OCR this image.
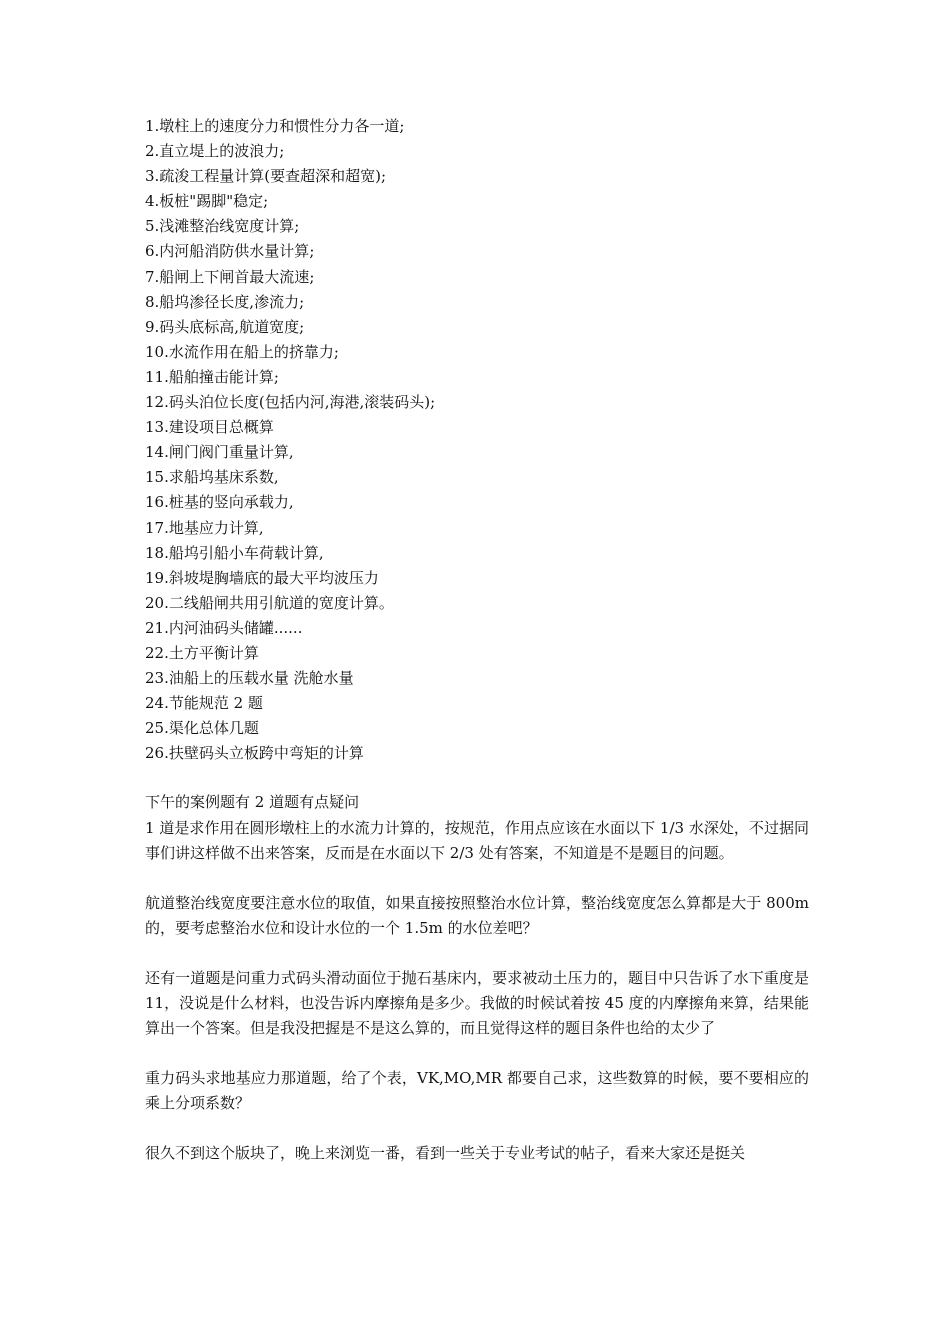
1.墩柱上的速度分力和惯性分力各一道;
2.直立堤上的波浪力;
3.疏浚工程量计算(要查超深和超宽);
4.板桩"踢脚"稳定;
5.浅滩整治线宽度计算;
6.内河船消防供水量计算;
7.船闸上下闸首最大流速;
8.船坞渗径长度,渗流力;
9.码头底标高,航道宽度;
10.水流作用在船上的挤靠力;
11.船舶撞击能计算;
12.码头泊位长度(包括内河,海港,滚装码头);
13.建设项目总概算
14.闸门阀门重量计算,
15.求船坞基床系数,
16.桩基的竖向承载力,
17.地基应力计算,
18.船坞引船小车荷载计算,
19.斜坡堤胸墙底的最大平均波压力
20.二线船闸共用引航道的宽度计算。
21.内河油码头储罐......
22.土方平衡计算
23.油船上的压载水量 洗舱水量
24.节能规范 2 题
25.渠化总体几题
26.扶壁码头立板跨中弯矩的计算
下午的案例题有 2 道题有点疑问

1 道是求作用在圆形墩柱上的水流力计算的，按规范，作用点应该在水面以下 1/3 水深处，不过据同事们讲这样做不出来答案，反而是在水面以下 2/3 处有答案，不知道是不是题目的问题。

航道整治线宽度要注意水位的取值，如果直接按照整治水位计算，整治线宽度怎么算都是大于 800m 的，要考虑整治水位和设计水位的一个 1.5m 的水位差吧？

还有一道题是问重力式码头滑动面位于抛石基床内，要求被动土压力的，题目中只告诉了水下重度是 11，没说是什么材料，也没告诉内摩擦角是多少。我做的时候试着按 45 度的内摩擦角来算，结果能算出一个答案。但是我没把握是不是这么算的，而且觉得这样的题目条件也给的太少了

重力码头求地基应力那道题，给了个表，VK,MO,MR 都要自己求，这些数算的时候，要不要相应的乘上分项系数？

很久不到这个版块了，晚上来浏览一番，看到一些关于专业考试的帖子，看来大家还是挺关
